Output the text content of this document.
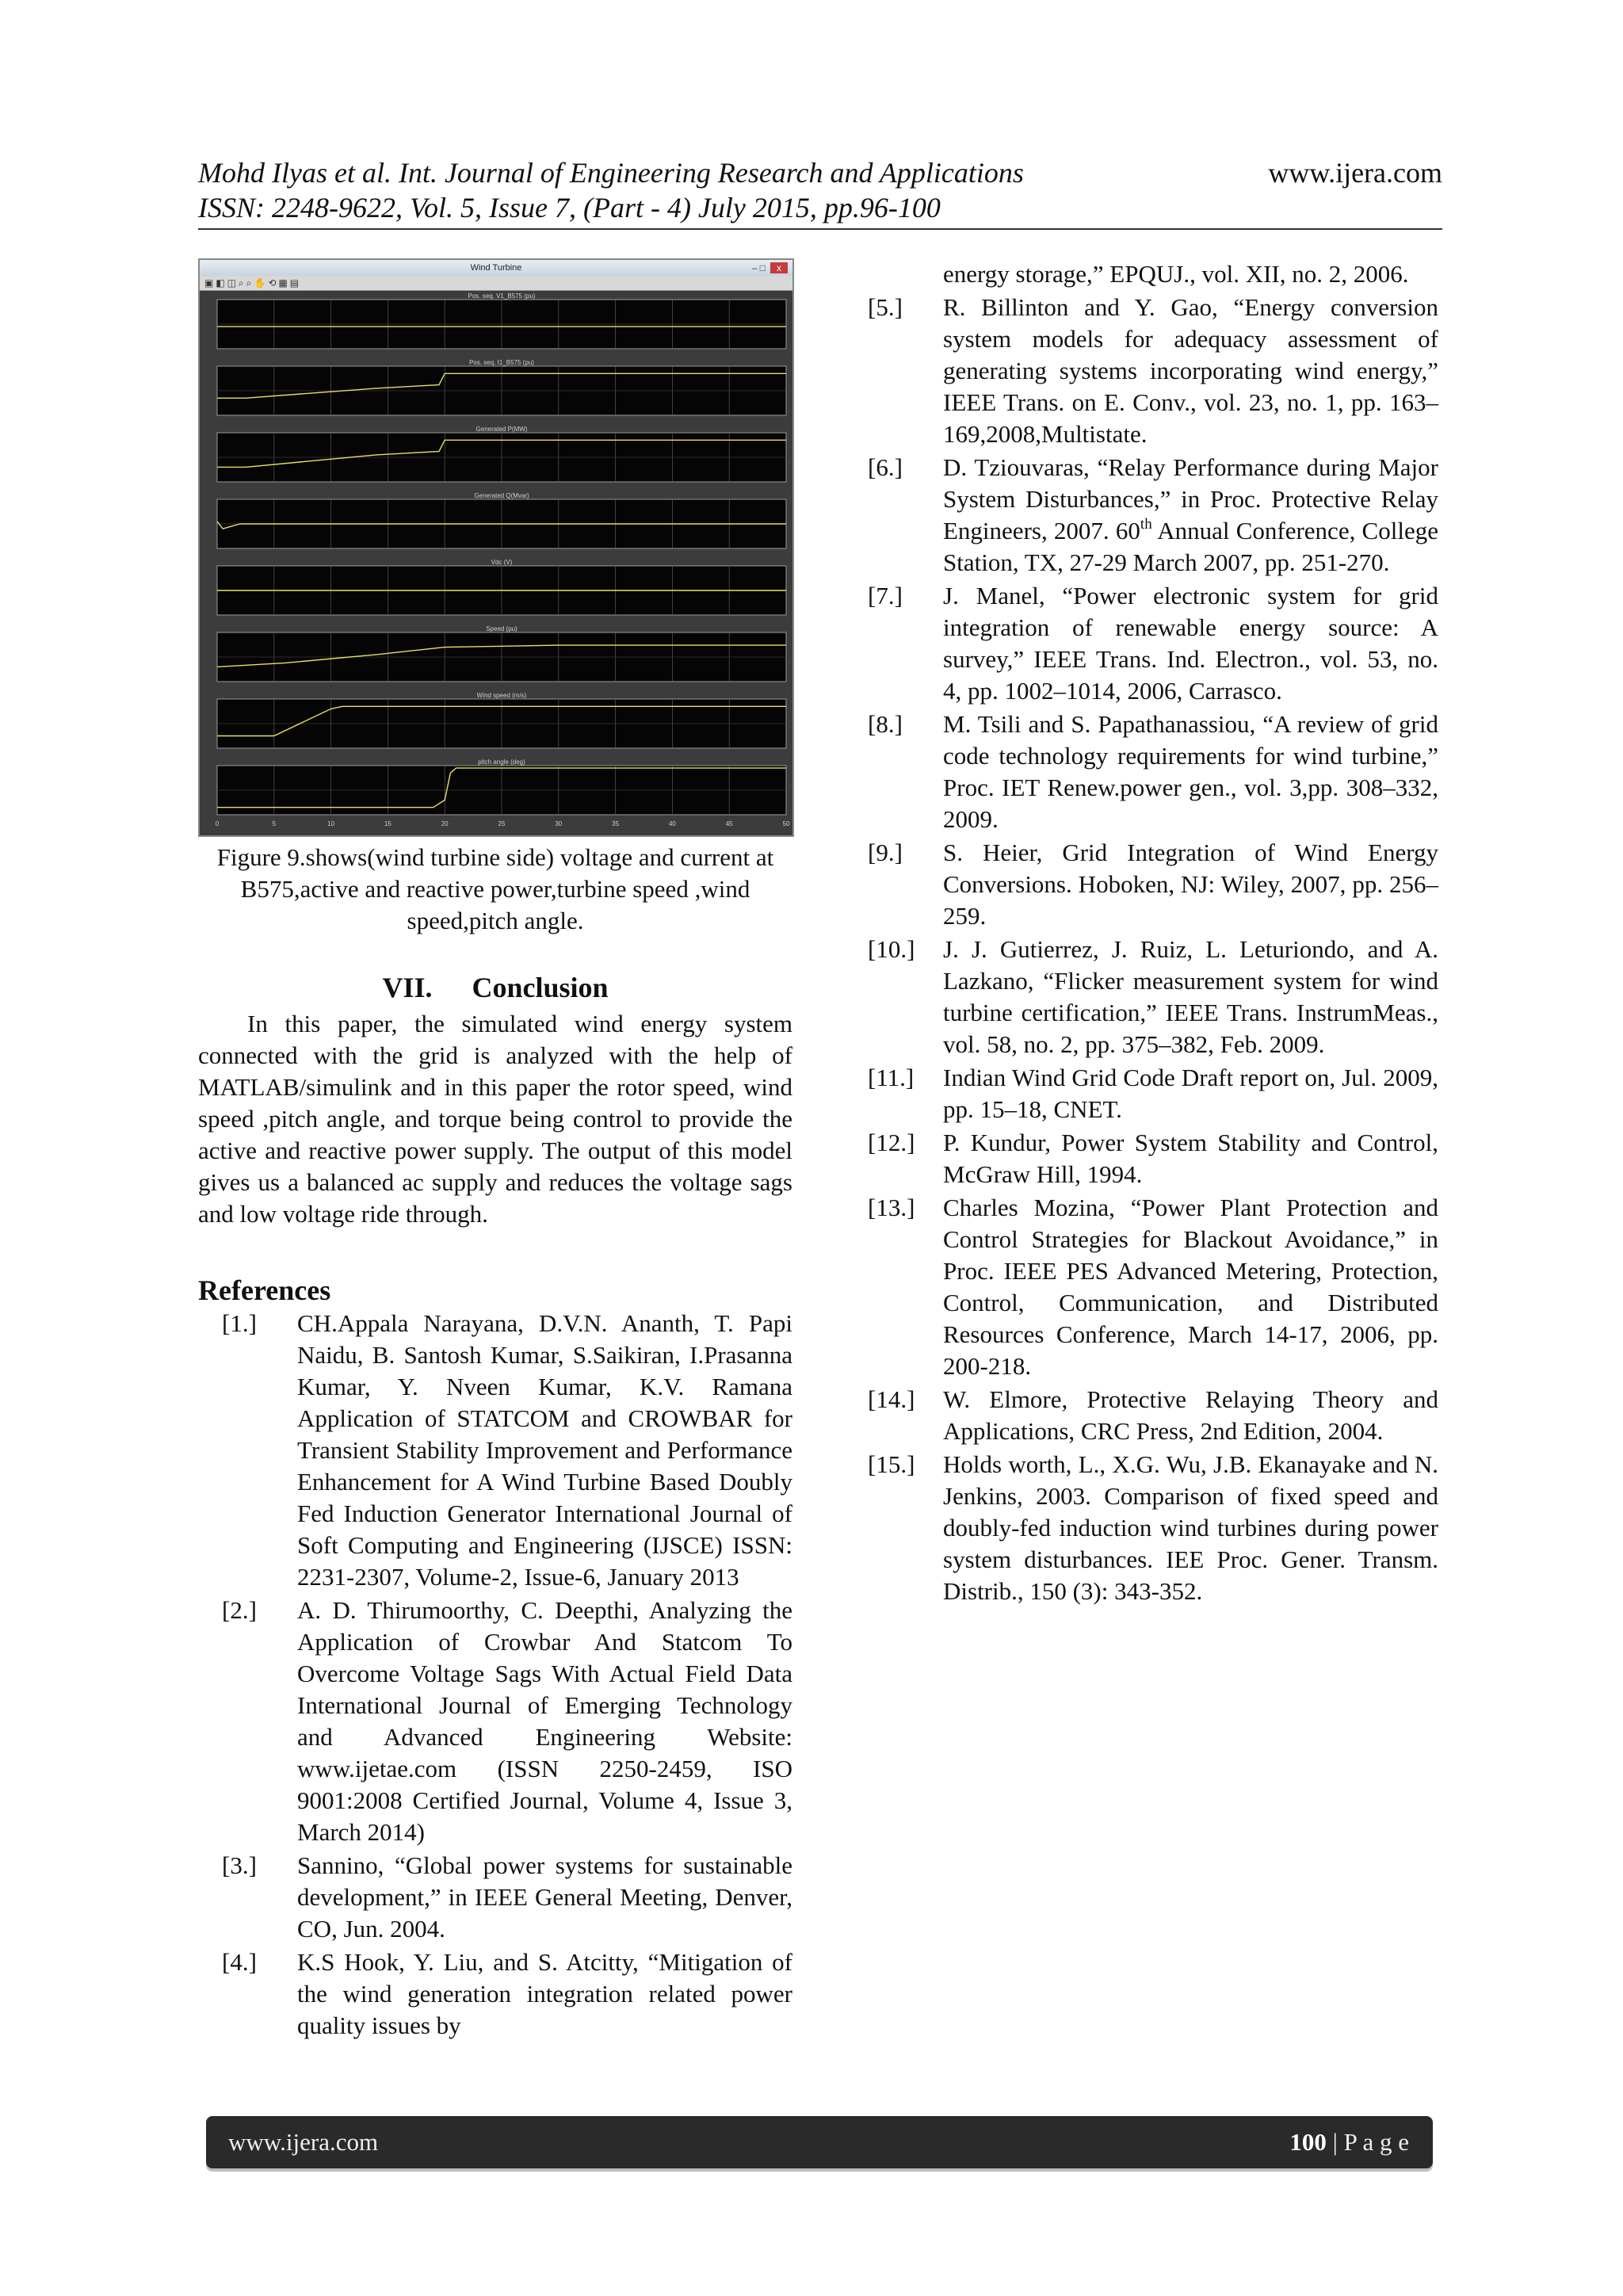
Mohd Ilyas et al. Int. Journal of Engineering Research and Applications	www.ijera.com
ISSN: 2248-9622, Vol. 5, Issue 7, (Part - 4) July 2015, pp.96-100
Wind Turbine	– □ x
▣◧◫⌕⌕✋⟲▦▤
Pos. seq. V1_B575 (pu)
Pos. seq. I1_B575 (pu)
Generated P(MW)
Generated Q(Mvar)
Vdc (V)
Speed (pu)
Wind speed (m/s)
pitch angle (deg)
0	5	10	15	20	25	30	35	40	45	50
Figure 9.shows(wind turbine side) voltage and current at B575,active and reactive power,turbine speed ,wind speed,pitch angle.
VII. Conclusion

In this paper, the simulated wind energy system connected with the grid is analyzed with the help of MATLAB/simulink and in this paper the rotor speed, wind speed ,pitch angle, and torque being control to provide the active and reactive power supply. The output of this model gives us a balanced ac supply and reduces the voltage sags and low voltage ride through.

References
[1.] CH.Appala Narayana, D.V.N. Ananth, T. Papi Naidu, B. Santosh Kumar, S.Saikiran, I.Prasanna Kumar, Y. Nveen Kumar, K.V. Ramana Application of STATCOM and CROWBAR for Transient Stability Improvement and Performance Enhancement for A Wind Turbine Based Doubly Fed Induction Generator International Journal of Soft Computing and Engineering (IJSCE) ISSN: 2231-2307, Volume-2, Issue-6, January 2013
[2.] A. D. Thirumoorthy, C. Deepthi, Analyzing the Application of Crowbar And Statcom To Overcome Voltage Sags With Actual Field Data International Journal of Emerging Technology and Advanced Engineering Website: www.ijetae.com (ISSN 2250-2459, ISO 9001:2008 Certified Journal, Volume 4, Issue 3, March 2014)
[3.] Sannino, “Global power systems for sustainable development,” in IEEE General Meeting, Denver, CO, Jun. 2004.
[4.] K.S Hook, Y. Liu, and S. Atcitty, “Mitigation of the wind generation integration related power quality issues by
energy storage,” EPQUJ., vol. XII, no. 2, 2006.
[5.] R. Billinton and Y. Gao, “Energy conversion system models for adequacy assessment of generating systems incorporating wind energy,” IEEE Trans. on E. Conv., vol. 23, no. 1, pp. 163–169,2008,Multistate.
[6.] D. Tziouvaras, “Relay Performance during Major System Disturbances,” in Proc. Protective Relay Engineers, 2007. 60th Annual Conference, College Station, TX, 27-29 March 2007, pp. 251-270.
[7.] J. Manel, “Power electronic system for grid integration of renewable energy source: A survey,” IEEE Trans. Ind. Electron., vol. 53, no. 4, pp. 1002–1014, 2006, Carrasco.
[8.] M. Tsili and S. Papathanassiou, “A review of grid code technology requirements for wind turbine,” Proc. IET Renew.power gen., vol. 3,pp. 308–332, 2009.
[9.] S. Heier, Grid Integration of Wind Energy Conversions. Hoboken, NJ: Wiley, 2007, pp. 256–259.
[10.] J. J. Gutierrez, J. Ruiz, L. Leturiondo, and A. Lazkano, “Flicker measurement system for wind turbine certification,” IEEE Trans. InstrumMeas., vol. 58, no. 2, pp. 375–382, Feb. 2009.
[11.] Indian Wind Grid Code Draft report on, Jul. 2009, pp. 15–18, CNET.
[12.] P. Kundur, Power System Stability and Control, McGraw Hill, 1994.
[13.] Charles Mozina, “Power Plant Protection and Control Strategies for Blackout Avoidance,” in Proc. IEEE PES Advanced Metering, Protection, Control, Communication, and Distributed Resources Conference, March 14-17, 2006, pp. 200-218.
[14.] W. Elmore, Protective Relaying Theory and Applications, CRC Press, 2nd Edition, 2004.
[15.] Holds worth, L., X.G. Wu, J.B. Ekanayake and N. Jenkins, 2003. Comparison of fixed speed and doubly-fed induction wind turbines during power system disturbances. IEE Proc. Gener. Transm. Distrib., 150 (3): 343-352.
www.ijera.com	100 | P a g e
